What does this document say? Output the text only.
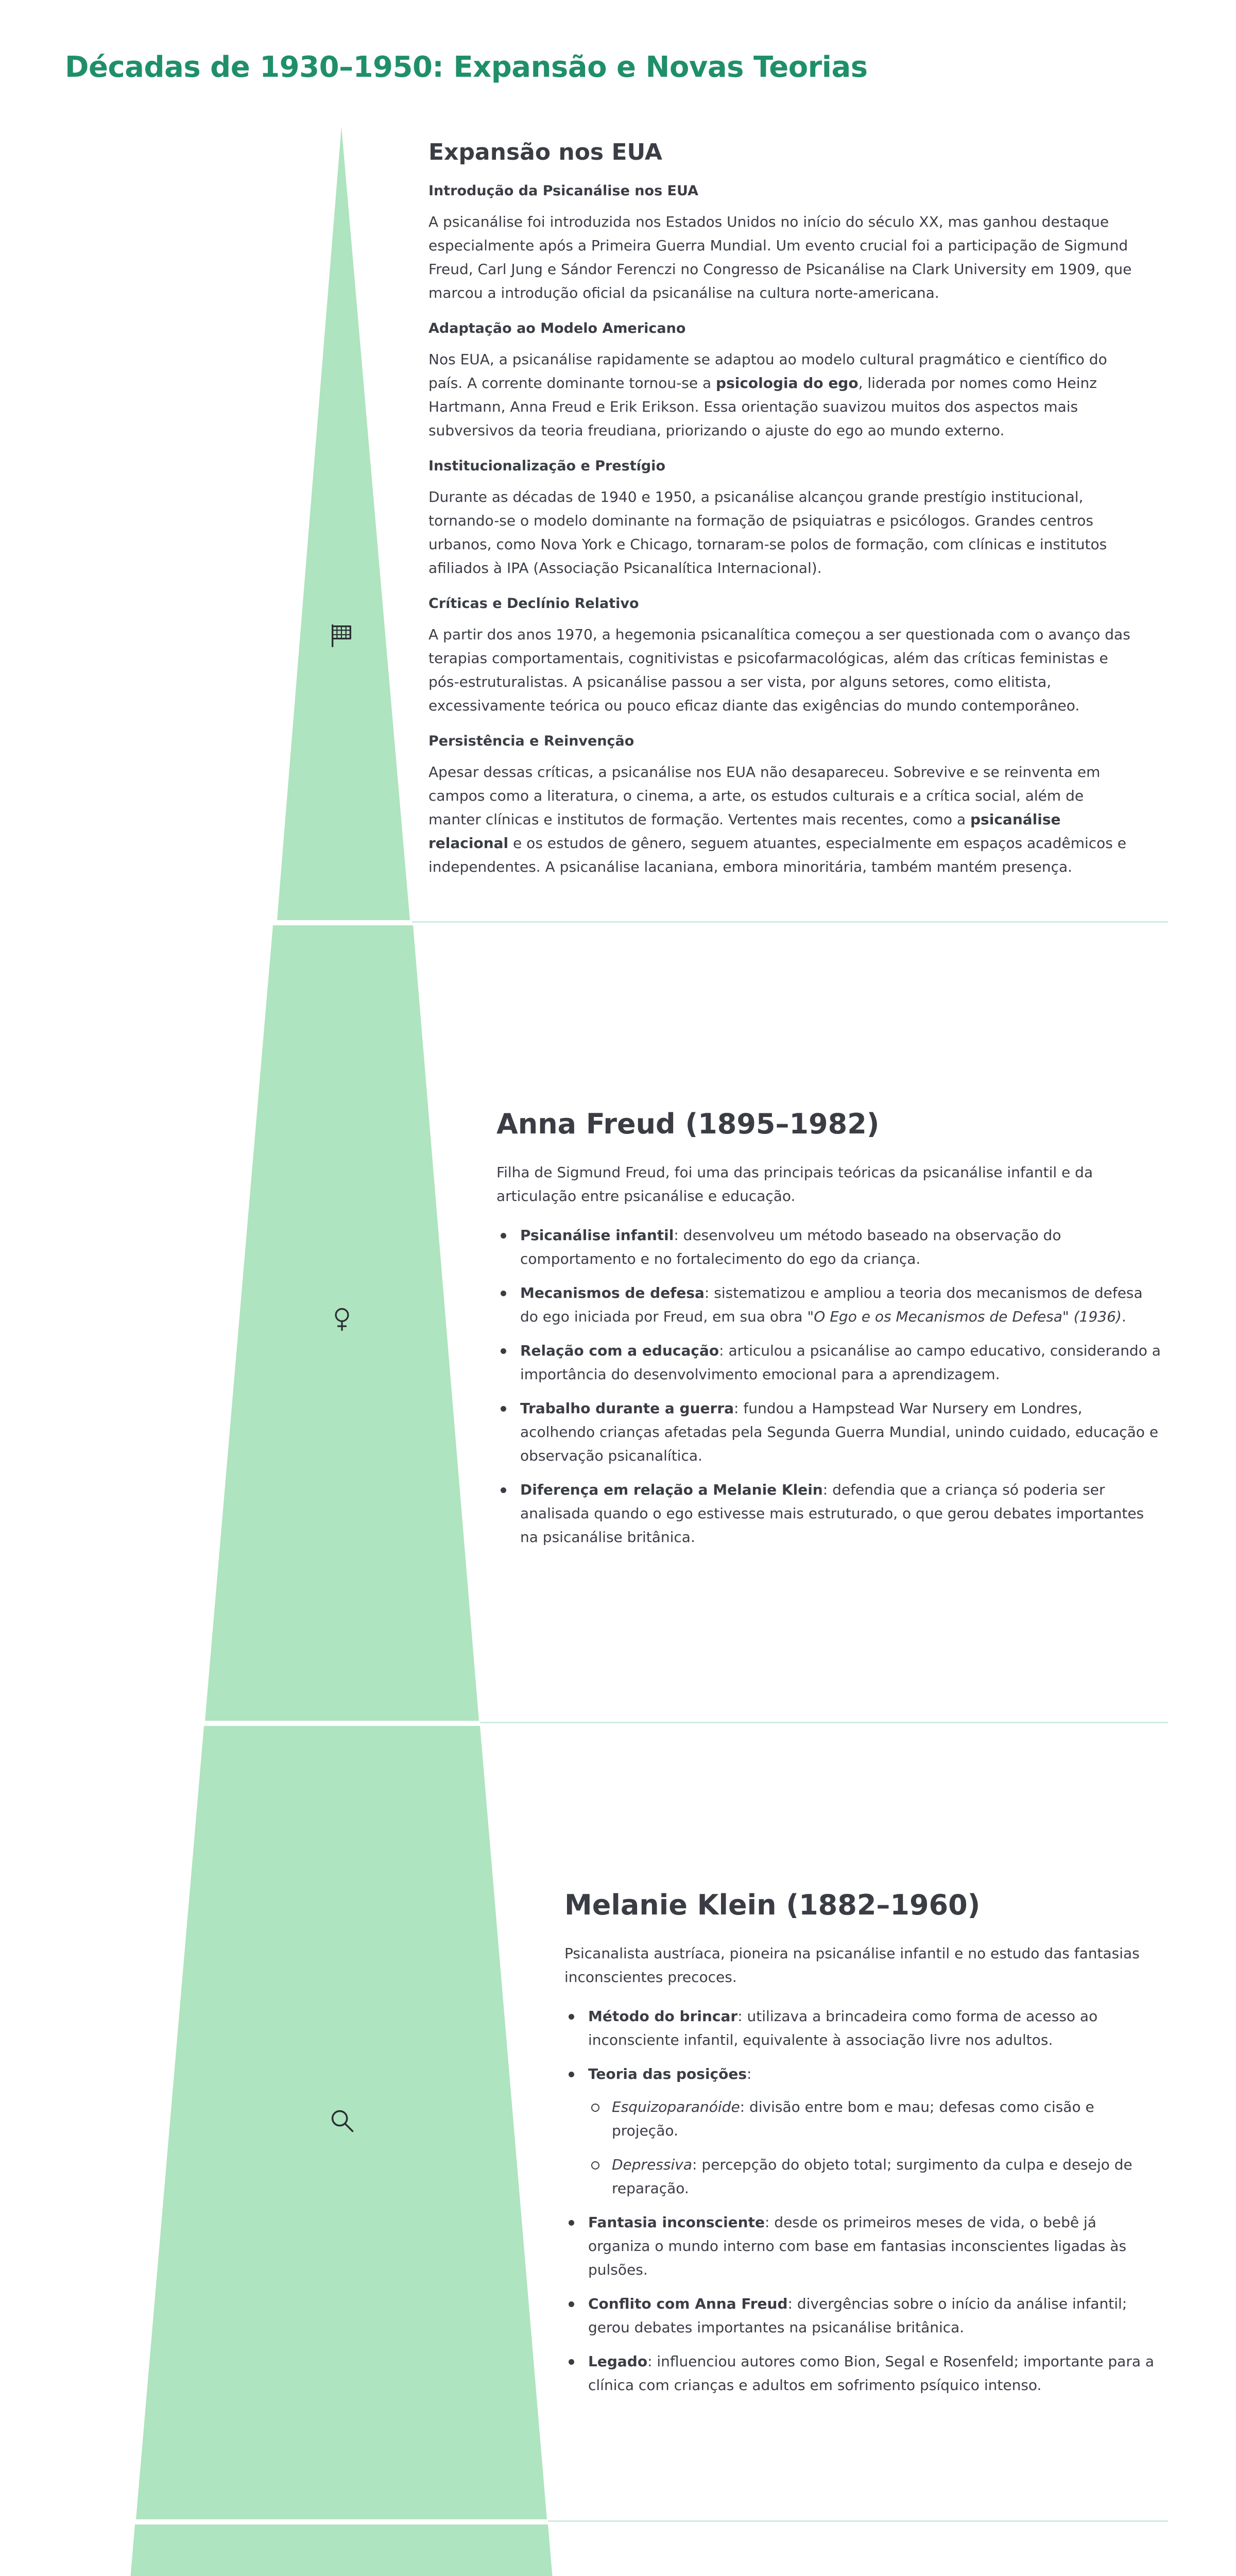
Décadas de 1930–1950: Expansão e Novas Teorias
Expansão nos EUA
Introdução da Psicanálise nos EUA

A psicanálise foi introduzida nos Estados Unidos no início do século XX, mas ganhou destaque especialmente após a Primeira Guerra Mundial. Um evento crucial foi a participação de Sigmund Freud, Carl Jung e Sándor Ferenczi no Congresso de Psicanálise na Clark University em 1909, que marcou a introdução oficial da psicanálise na cultura norte-americana.

Adaptação ao Modelo Americano

Nos EUA, a psicanálise rapidamente se adaptou ao modelo cultural pragmático e científico do país. A corrente dominante tornou-se a psicologia do ego, liderada por nomes como Heinz Hartmann, Anna Freud e Erik Erikson. Essa orientação suavizou muitos dos aspectos mais subversivos da teoria freudiana, priorizando o ajuste do ego ao mundo externo.

Institucionalização e Prestígio

Durante as décadas de 1940 e 1950, a psicanálise alcançou grande prestígio institucional, tornando-se o modelo dominante na formação de psiquiatras e psicólogos. Grandes centros urbanos, como Nova York e Chicago, tornaram-se polos de formação, com clínicas e institutos afiliados à IPA (Associação Psicanalítica Internacional).

Críticas e Declínio Relativo

A partir dos anos 1970, a hegemonia psicanalítica começou a ser questionada com o avanço das terapias comportamentais, cognitivistas e psicofarmacológicas, além das críticas feministas e pós-estruturalistas. A psicanálise passou a ser vista, por alguns setores, como elitista, excessivamente teórica ou pouco eficaz diante das exigências do mundo contemporâneo.

Persistência e Reinvenção

Apesar dessas críticas, a psicanálise nos EUA não desapareceu. Sobrevive e se reinventa em campos como a literatura, o cinema, a arte, os estudos culturais e a crítica social, além de manter clínicas e institutos de formação. Vertentes mais recentes, como a psicanálise relacional e os estudos de gênero, seguem atuantes, especialmente em espaços acadêmicos e independentes. A psicanálise lacaniana, embora minoritária, também mantém presença.

Anna Freud (1895–1982)

Filha de Sigmund Freud, foi uma das principais teóricas da psicanálise infantil e da articulação entre psicanálise e educação.

Psicanálise infantil: desenvolveu um método baseado na observação do comportamento e no fortalecimento do ego da criança.
Mecanismos de defesa: sistematizou e ampliou a teoria dos mecanismos de defesa do ego iniciada por Freud, em sua obra "O Ego e os Mecanismos de Defesa" (1936).
Relação com a educação: articulou a psicanálise ao campo educativo, considerando a importância do desenvolvimento emocional para a aprendizagem.
Trabalho durante a guerra: fundou a Hampstead War Nursery em Londres, acolhendo crianças afetadas pela Segunda Guerra Mundial, unindo cuidado, educação e observação psicanalítica.
Diferença em relação a Melanie Klein: defendia que a criança só poderia ser analisada quando o ego estivesse mais estruturado, o que gerou debates importantes na psicanálise britânica.
Melanie Klein (1882–1960)

Psicanalista austríaca, pioneira na psicanálise infantil e no estudo das fantasias inconscientes precoces.

Método do brincar: utilizava a brincadeira como forma de acesso ao inconsciente infantil, equivalente à associação livre nos adultos.
Teoria das posições:
Esquizoparanóide: divisão entre bom e mau; defesas como cisão e projeção.
Depressiva: percepção do objeto total; surgimento da culpa e desejo de reparação.
Fantasia inconsciente: desde os primeiros meses de vida, o bebê já organiza o mundo interno com base em fantasias inconscientes ligadas às pulsões.
Conflito com Anna Freud: divergências sobre o início da análise infantil; gerou debates importantes na psicanálise britânica.
Legado: influenciou autores como Bion, Segal e Rosenfeld; importante para a clínica com crianças e adultos em sofrimento psíquico intenso.
